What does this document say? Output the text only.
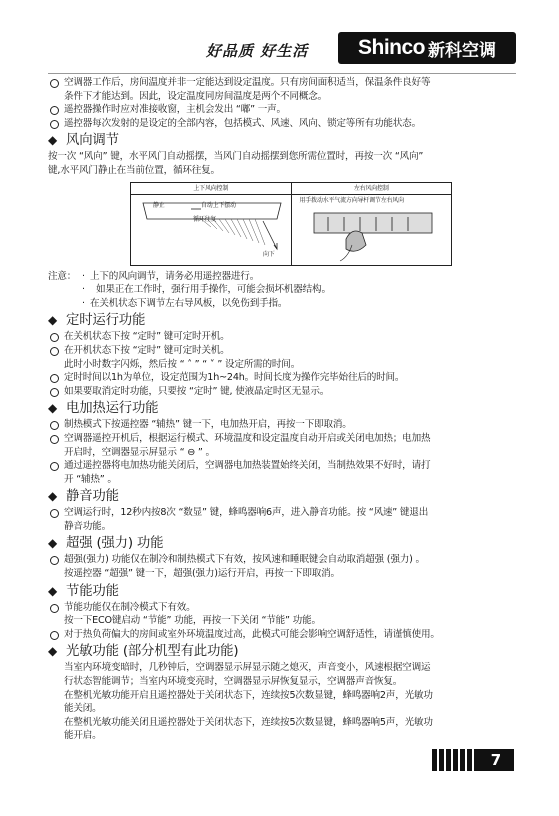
好品质 好生活 Shinco 新科空调
空调器工作后，房间温度并非一定能达到设定温度。只有房间面积适当，保温条件良好等
条件下才能达到。因此，设定温度同房间温度是两个不同概念。
遥控器操作时应对准接收窗，主机会发出 “嘟” 一声。
遥控器每次发射的是设定的全部内容，包括模式、风速、风向、锁定等所有功能状态。
◆ 风向调节
按一次 “风向” 键，水平风门自动摇摆，当风门自动摇摆到您所需位置时，再按一次 “风向”
键,水平风门静止在当前位置，循环往复。
上下风向控制
静止	自动上下摆动
循环往复
向下
左右风向控制
用手拨动水平气流方向导杆调节左右风向
注意：
·	上下的风向调节，请务必用遥控器进行。
· 如果正在工作时，强行用手操作，可能会损坏机器结构。
· 在关机状态下调节左右导风板，以免伤到手指。
◆ 定时运行功能
在关机状态下按 “定时” 键可定时开机。
在开机状态下按 “定时” 键可定时关机。
此时小时数字闪烁，然后按 “ ˄ ” “ ˅ ” 设定所需的时间。
定时时间以1h为单位，设定范围为1h~24h。时间长度为操作完毕始往后的时间。
如果要取消定时功能，只要按 “定时” 键, 使液晶定时区无显示。
◆ 电加热运行功能
制热模式下按遥控器 “辅热” 键一下，电加热开启，再按一下即取消。
空调器遥控开机后，根据运行模式、环境温度和设定温度自动开启或关闭电加热；电加热
开启时，空调器显示屏显示 “ ⊖ ” 。
通过遥控器将电加热功能关闭后，空调器电加热装置始终关闭，当制热效果不好时，请打
开 “辅热” 。
◆ 静音功能
空调运行时，12秒内按8次 “数显” 键，蜂鸣器响6声，进入静音功能。按 “风速” 键退出
静音功能。
◆ 超强 (强力) 功能
超强(强力) 功能仅在制冷和制热模式下有效，按风速和睡眠键会自动取消超强 (强力) 。
按遥控器 “超强” 键一下，超强(强力)运行开启，再按一下即取消。
◆ 节能功能
节能功能仅在制冷模式下有效。
按一下ECO键启动 “节能” 功能，再按一下关闭 “节能” 功能。
对于热负荷偏大的房间或室外环境温度过高，此模式可能会影响空调舒适性，请谨慎使用。
◆ 光敏功能 (部分机型有此功能)
当室内环境变暗时，几秒钟后，空调器显示屏显示随之熄灭，声音变小，风速根据空调运
行状态智能调节；当室内环境变亮时，空调器显示屏恢复显示，空调器声音恢复。
在整机光敏功能开启且遥控器处于关闭状态下，连续按5次数显键，蜂鸣器响2声，光敏功
能关闭。
在整机光敏功能关闭且遥控器处于关闭状态下，连续按5次数显键，蜂鸣器响5声，光敏功
能开启。
7
